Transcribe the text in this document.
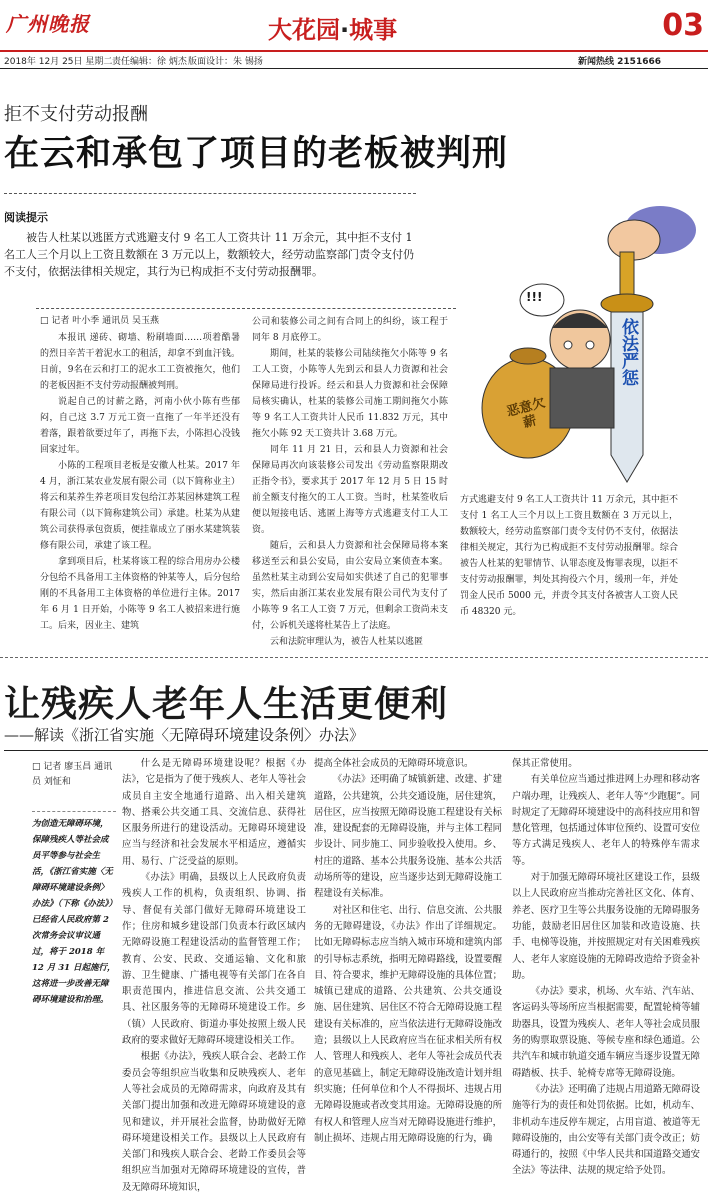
广州晚报	大花园·城事	03
2018年 12月 25日 星期二 责任编辑：徐 炳杰 版面设计：朱 锡扬	新闻热线 2151666
拒不支付劳动报酬
在云和承包了项目的老板被判刑
阅读提示
被告人杜某以逃匿方式逃避支付 9 名工人工资共计 11 万余元，其中拒不支付 1 名工人三个月以上工资且数额在 3 万元以上，数额较大，经劳动监察部门责令支付仍不支付，依据法律相关规定，其行为已构成拒不支付劳动报酬罪。
□ 记者 叶小季 通讯员 吴玉燕

本报讯 递砖、砌墙、粉刷墙面……项着酷暑的烈日辛苦干着泥水工的租活，却拿不到血汗钱。日前，9名在云和打工的泥水工工资被拖欠，他们的老板因拒不支付劳动报酬被判刑。

说起自己的讨薪之路，河南小伙小陈有些郁闷，自己这 3.7 万元工资一直拖了一年半还没有着落，跟着欲要过年了，再拖下去，小陈担心没钱回家过年。

小陈的工程项目老板是安徽人杜某。2017 年 4 月，浙江某农业发展有限公司（以下简称业主）将云和某养生养老项目发包给江苏某园林建筑工程有限公司（以下简称建筑公司）承建。杜某为从建筑公司获得承包资质，便挂靠成立了丽水某建筑装修有限公司，承建了该工程。

拿到项目后，杜某将该工程的综合用房办公楼分包给不具备用工主体资格的钟某等人，后分包给刚的不具备用工主体资格的单位进行主体。2017 年 6 月 1 日开始，小陈等 9 名工人被招来进行施工。后来，因业主、建筑

公司和装修公司之间有合同上的纠纷，该工程于同年 8 月底停工。

期间，杜某的装修公司陆续拖欠小陈等 9 名工人工资，小陈等人先到云和县人力资源和社会保障局进行投诉。经云和县人力资源和社会保障局核实确认，杜某的装修公司施工期间拖欠小陈等 9 名工人工资共计人民币 11.832 万元，其中拖欠小陈 92 天工资共计 3.68 万元。

同年 11 月 21 日，云和县人力资源和社会保障局再次向该装修公司发出《劳动监察限期改正指令书》，要求其于 2017 年 12 月 5 日 15 时前全额支付拖欠的工人工资。当时，杜某签收后便以短接电话、逃匿上海等方式逃避支付工人工资。

随后，云和县人力资源和社会保障局将本案移送至云和县公安局，由公安局立案侦查本案。虽然杜某主动到公安局如实供述了自己的犯罪事实，然后由浙江某农业发展有限公司代为支付了小陈等 9 名工人工资 7 万元，但剩余工资尚未支付，公诉机关遂将杜某告上了法庭。

云和法院审理认为，被告人杜某以逃匿

方式逃避支付 9 名工人工资共计 11 万余元，其中拒不支付 1 名工人三个月以上工资且数额在 3 万元以上，数额较大，经劳动监察部门责令支付仍不支付，依据法律相关规定，其行为已构成拒不支付劳动报酬罪。综合被告人杜某的犯罪情节、认罪态度及悔罪表现，以拒不支付劳动报酬罪，判处其拘役六个月，缓刑一年，并处罚金人民币 5000 元，并责令其支付各被害人工资人民币 48320 元。

!!!
依法严惩
恶意欠薪
让残疾人老年人生活更便利
——解读《浙江省实施〈无障碍环境建设条例〉办法》
□ 记者 廖玉昌 通讯员 刘怔和
为创造无障碍环境，保障残疾人等社会成员平等参与社会生活，《浙江省实施〈无障碍环境建设条例〉办法》（下称《办法》）已经省人民政府第 2 次常务会议审议通过，将于 2018 年 12 月 31 日起施行，这将进一步改善无障碍环境建设和治理。

什么是无障碍环境建设呢？根据《办法》，它是指为了便于残疾人、老年人等社会成员自主安全地通行道路、出入相关建筑物、搭乘公共交通工具、交流信息、获得社区服务所进行的建设活动。无障碍环境建设应当与经济和社会发展水平相适应，遵循实用、易行、广泛受益的原则。

《办法》明确，县级以上人民政府负责残疾人工作的机构，负责组织、协调、指导、督促有关部门做好无障碍环境建设工作；住房和城乡建设部门负责本行政区域内无障碍设施工程建设活动的监督管理工作；教育、公安、民政、交通运输、文化和旅游、卫生健康、广播电视等有关部门在各自职责范围内，推进信息交流、公共交通工具、社区服务等的无障碍环境建设工作。乡（镇）人民政府、街道办事处按照上级人民政府的要求做好无障碍环境建设相关工作。

根据《办法》，残疾人联合会、老龄工作委员会等组织应当收集和反映残疾人、老年人等社会成员的无障碍需求，向政府及其有关部门提出加强和改进无障碍环境建设的意见和建议，并开展社会监督，协助做好无障碍环境建设相关工作。县级以上人民政府有关部门和残疾人联合会、老龄工作委员会等组织应当加强对无障碍环境建设的宣传，普及无障碍环境知识，

提高全体社会成员的无障碍环境意识。

《办法》还明确了城镇新建、改建、扩建道路，公共建筑，公共交通设施，居住建筑，居住区，应当按照无障碍设施工程建设有关标准，建设配套的无障碍设施，并与主体工程同步设计、同步施工、同步验收投入使用。乡、村庄的道路、基本公共服务设施、基本公共活动场所等的建设，应当逐步达到无障碍设施工程建设有关标准。

对社区和住宅、出行、信息交流、公共服务的无障碍建设，《办法》作出了详细规定。比如无障碍标志应当纳入城市环境和建筑内部的引导标志系统，指明无障碍路线，设置要醒目、符合要求，维护无障碍设施的具体位置；城镇已建成的道路、公共建筑、公共交通设施、居住建筑、居住区不符合无障碍设施工程建设有关标准的，应当依法进行无障碍设施改造；县级以上人民政府应当在征求相关所有权人、管理人和残疾人、老年人等社会成员代表的意见基础上，制定无障碍设施改造计划并组织实施；任何单位和个人不得损坏、违规占用无障碍设施或者改变其用途。无障碍设施的所有权人和管理人应当对无障碍设施进行维护，制止损坏、违规占用无障碍设施的行为，确

保其正常使用。

有关单位应当通过推进网上办理和移动客户端办理，让残疾人、老年人等“少跑腿”。同时规定了无障碍环境建设中的高科技应用和智慧化管理，包括通过体审位预约、设置可安位等方式满足残疾人、老年人的特殊停车需求等。

对于加强无障碍环境社区建设工作，县级以上人民政府应当推动完善社区文化、体育、养老、医疗卫生等公共服务设施的无障碍服务功能，鼓励老旧居住区加装和改造设施、扶手、电梯等设施，并按照规定对有关困难残疾人、老年人家庭设施的无障碍改造给予资金补助。

《办法》要求，机场、火车站、汽车站、客运码头等场所应当根据需要，配置轮椅等辅助器具，设置为残疾人、老年人等社会成员服务的购票取票设施、等候专座和绿色通道。公共汽车和城市轨道交通车辆应当逐步设置无障碍踏板、扶手、轮椅专席等无障碍设施。

《办法》还明确了违规占用道路无障碍设施等行为的责任和处罚依据。比如，机动车、非机动车违反停车规定，占用盲道、被道等无障碍设施的，由公安等有关部门责令改正；妨碍通行的，按照《中华人民共和国道路交通安全法》等法律、法规的规定给予处罚。
